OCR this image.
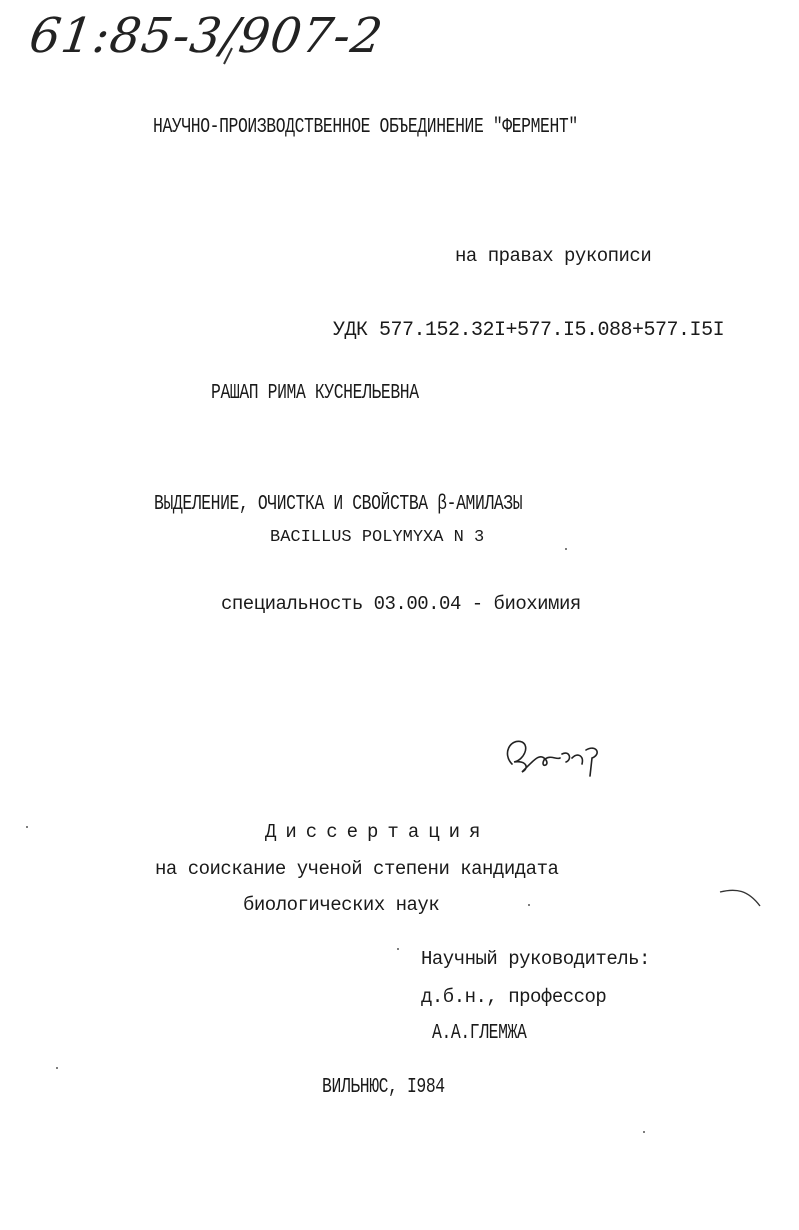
61:85-3/907-2
НАУЧНО-ПРОИЗВОДСТВЕННОЕ ОБЪЕДИНЕНИЕ "ФЕРМЕНТ"
на правах рукописи
УДК 577.152.32I+577.I5.088+577.I5I
РАШАП РИМА КУСНЕЛЬЕВНА
ВЫДЕЛЕНИЕ, ОЧИСТКА И СВОЙСТВА β-АМИЛАЗЫ
BACILLUS POLYMYXA N 3
специальность 03.00.04 - биохимия
Диссертация
на соискание ученой степени кандидата
биологических наук
Научный руководитель:
д.б.н., профессор
А.А.ГЛЕМЖА
ВИЛЬНЮС, I984
